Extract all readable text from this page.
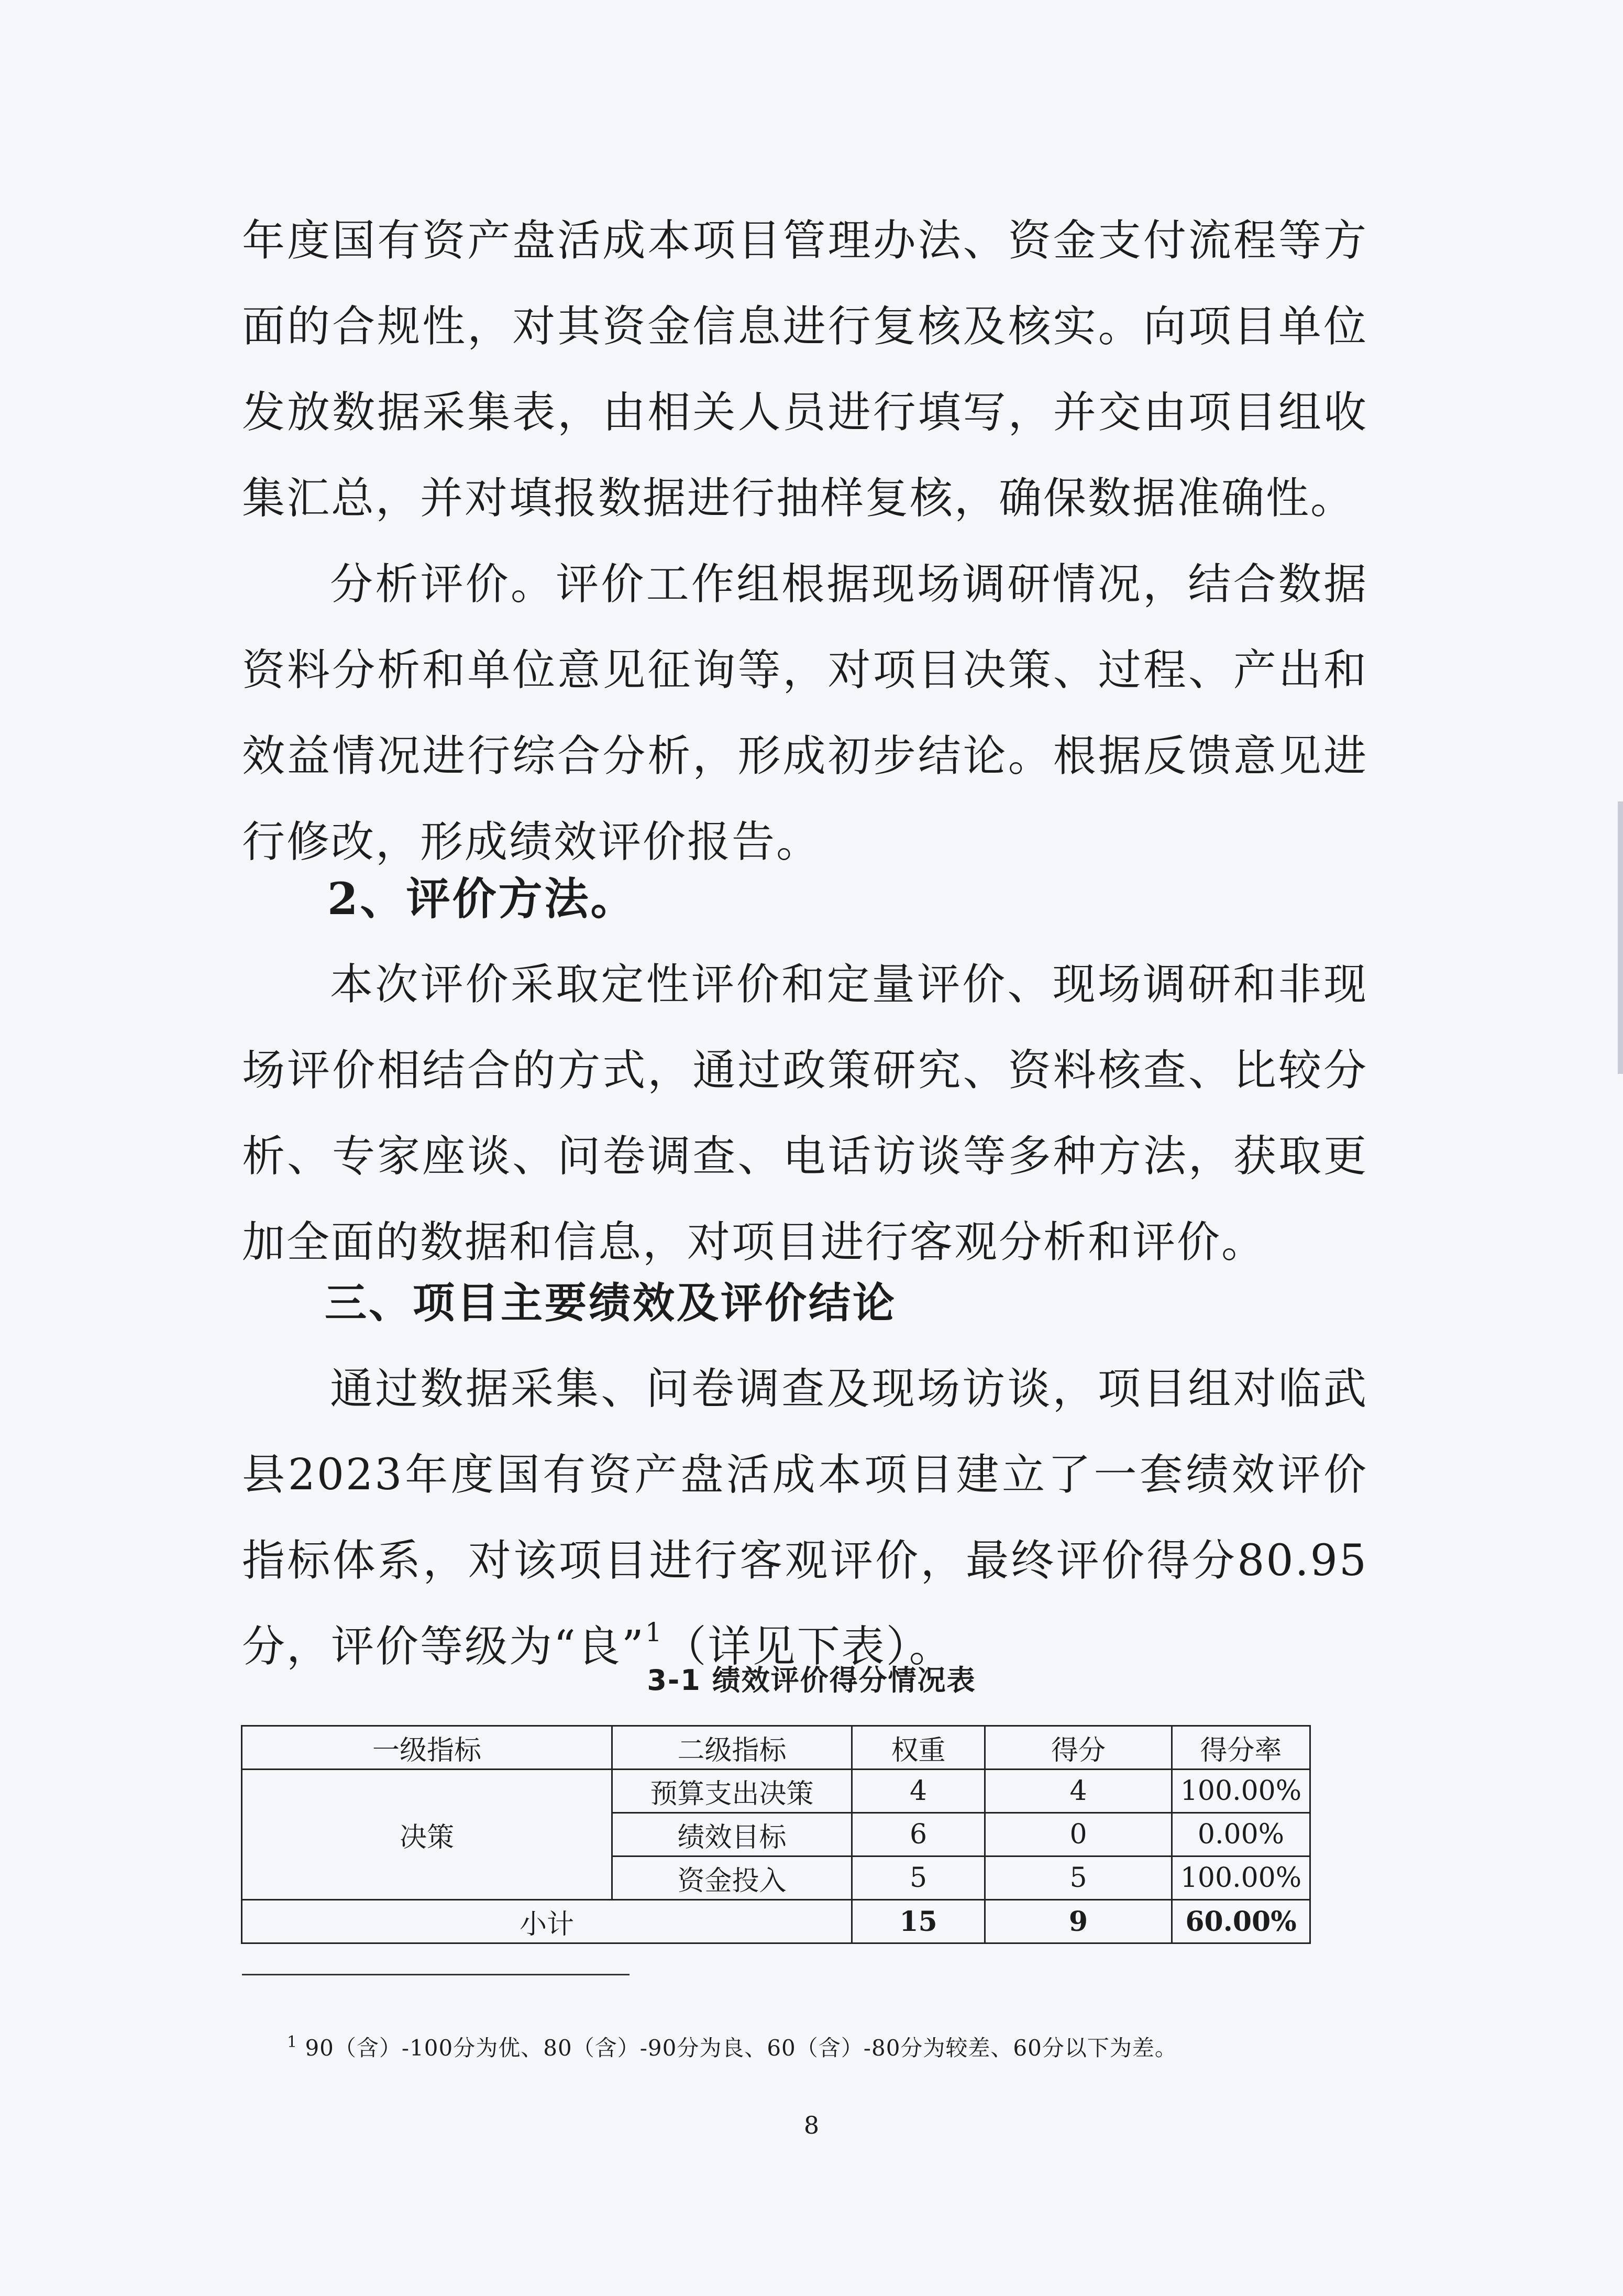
年度国有资产盘活成本项目管理办法、资金支付流程等方面的合规性，对其资金信息进行复核及核实。向项目单位发放数据采集表，由相关人员进行填写，并交由项目组收集汇总，并对填报数据进行抽样复核，确保数据准确性。

分析评价。评价工作组根据现场调研情况，结合数据资料分析和单位意见征询等，对项目决策、过程、产出和效益情况进行综合分析，形成初步结论。根据反馈意见进行修改，形成绩效评价报告。

2、评价方法。

本次评价采取定性评价和定量评价、现场调研和非现场评价相结合的方式，通过政策研究、资料核查、比较分析、专家座谈、问卷调查、电话访谈等多种方法，获取更加全面的数据和信息，对项目进行客观分析和评价。

三、项目主要绩效及评价结论

通过数据采集、问卷调查及现场访谈，项目组对临武县2023年度国有资产盘活成本项目建立了一套绩效评价指标体系，对该项目进行客观评价，最终评价得分80.95分，评价等级为“良”$^1$（详见下表）。

3-1 绩效评价得分情况表
一级指标	二级指标	权重	得分	得分率
决策	预算支出决策	4	4	100.00%
	绩效目标	6	0	0.00%
	资金投入	5	5	100.00%
小计		15	9	60.00%
$^1$ 90（含）-100分为优、80（含）-90分为良、60（含）-80分为较差、60分以下为差。
8
